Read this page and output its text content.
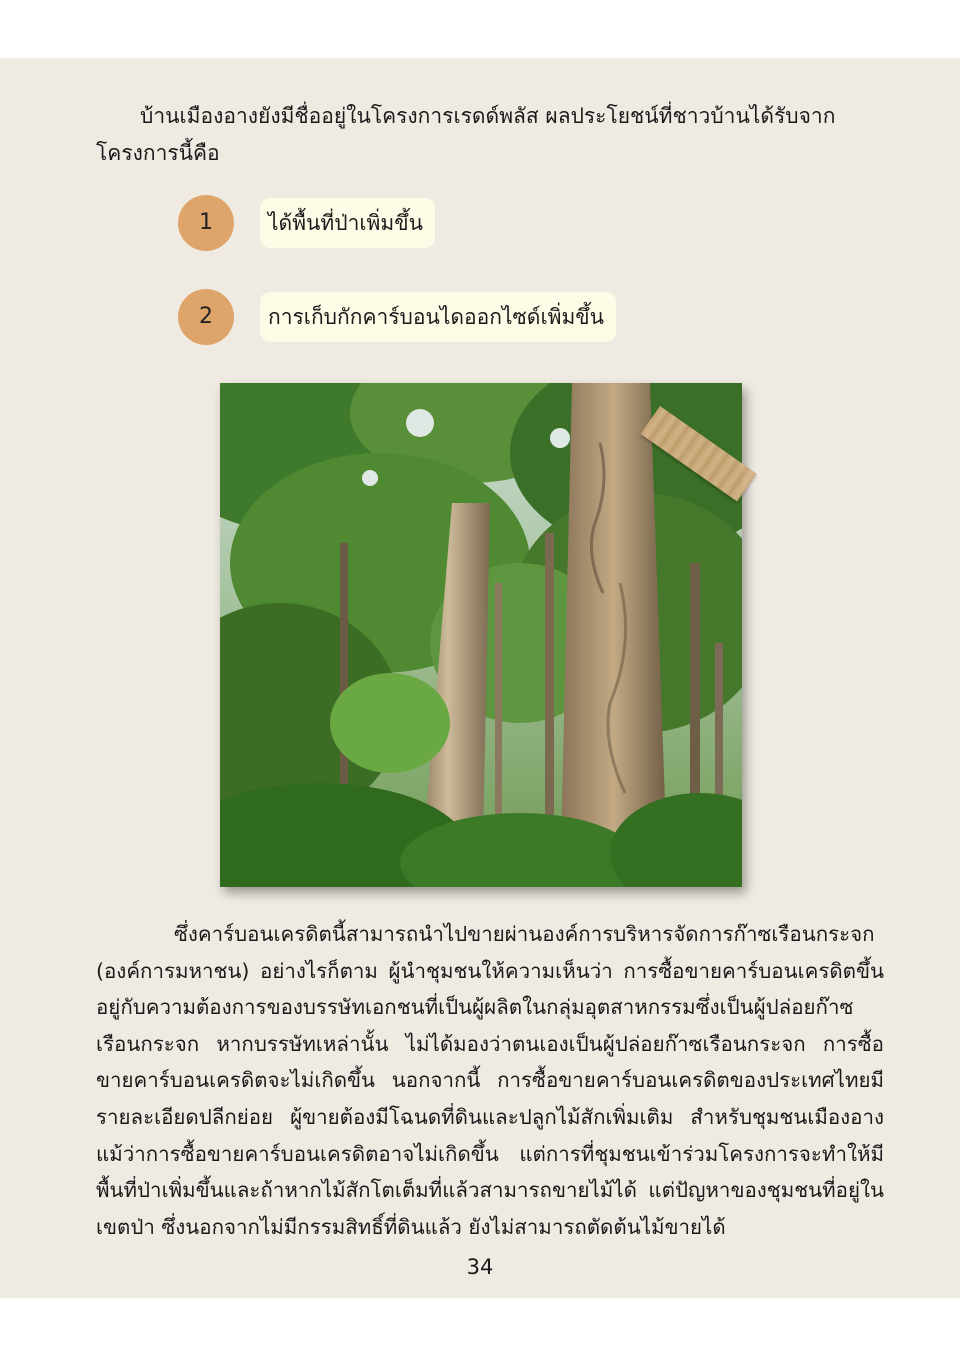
บ้านเมืองอางยังมีชื่ออยู่ในโครงการเรดด์พลัส ผลประโยชน์ที่ชาวบ้านได้รับจากโครงการนี้คือ

1	ได้พื้นที่ป่าเพิ่มขึ้น
2	การเก็บกักคาร์บอนไดออกไซด์เพิ่มขึ้น

ซึ่งคาร์บอนเครดิตนี้สามารถนำไปขายผ่านองค์การบริหารจัดการก๊าซเรือนกระจก (องค์การมหาชน) อย่างไรก็ตาม ผู้นำชุมชนให้ความเห็นว่า การซื้อขายคาร์บอนเครดิตขึ้นอยู่กับความต้องการของบรรษัทเอกชนที่เป็นผู้ผลิตในกลุ่มอุตสาหกรรมซึ่งเป็นผู้ปล่อยก๊าซเรือนกระจก หากบรรษัทเหล่านั้น ไม่ได้มองว่าตนเองเป็นผู้ปล่อยก๊าซเรือนกระจก การซื้อขายคาร์บอนเครดิตจะไม่เกิดขึ้น นอกจากนี้ การซื้อขายคาร์บอนเครดิตของประเทศไทยมีรายละเอียดปลีกย่อย ผู้ขายต้องมีโฉนดที่ดินและปลูกไม้สักเพิ่มเติม สำหรับชุมชนเมืองอาง แม้ว่าการซื้อขายคาร์บอนเครดิตอาจไม่เกิดขึ้น แต่การที่ชุมชนเข้าร่วมโครงการจะทำให้มีพื้นที่ป่าเพิ่มขึ้นและถ้าหากไม้สักโตเต็มที่แล้วสามารถขายไม้ได้ แต่ปัญหาของชุมชนที่อยู่ในเขตป่า ซึ่งนอกจากไม่มีกรรมสิทธิ์ที่ดินแล้ว ยังไม่สามารถตัดต้นไม้ขายได้

34
